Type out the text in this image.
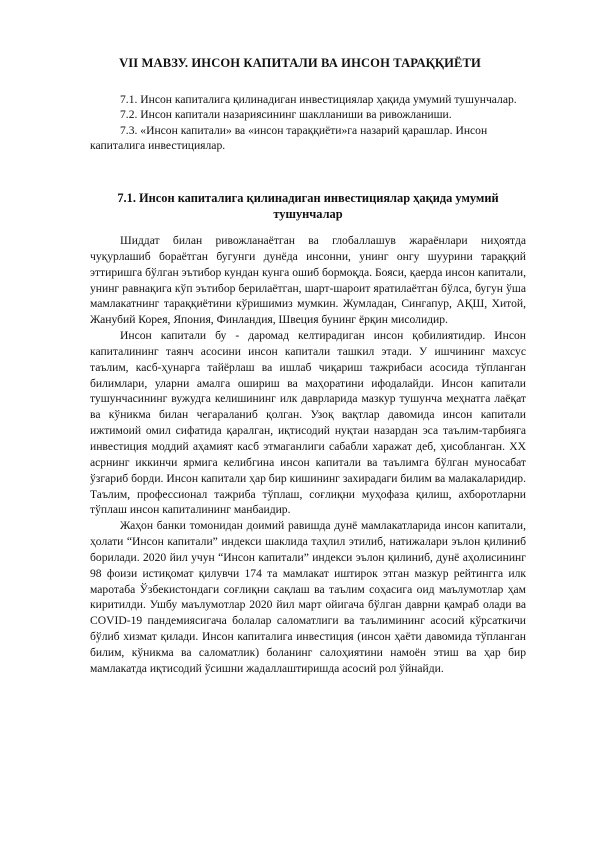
VII МАВЗУ. ИНСОН КАПИТАЛИ ВА ИНСОН ТАРАҚҚИЁТИ

7.1. Инсон капиталига қилинадиган инвестициялар ҳақида умумий тушунчалар.

7.2. Инсон капитали назариясининг шаклланиши ва ривожланиши.

7.3. «Инсон капитали» ва «инсон тараққиёти»га назарий қарашлар. Инсон капиталига инвестициялар.

7.1. Инсон капиталига қилинадиган инвестициялар ҳақида умумий тушунчалар

Шиддат билан ривожланаётган ва глобаллашув жараёнлари ниҳоятда чуқурлашиб бораётган бугунги дунёда инсонни, унинг онгу шуурини тараққий эттиришга бўлган эътибор кундан кунга ошиб бормоқда. Бояси, қаерда инсон капитали, унинг равнақига кўп эътибор берилаётган, шарт-шароит яратилаётган бўлса, бугун ўша мамлакатнинг тараққиётини кўришимиз мумкин. Жумладан, Сингапур, АҚШ, Хитой, Жанубий Корея, Япония, Финландия, Швеция бунинг ёрқин мисолидир.

Инсон капитали бу - даромад келтирадиган инсон қобилиятидир. Инсон капиталининг таянч асосини инсон капитали ташкил этади. У ишчининг махсус таълим, касб-ҳунарга тайёрлаш ва ишлаб чиқариш тажрибаси асосида тўпланган билимлари, уларни амалга ошириш ва маҳоратини ифодалайди. Инсон капитали тушунчасининг вужудга келишининг илк даврларида мазкур тушунча меҳнатга лаёқат ва кўникма билан чегараланиб қолган. Узоқ вақтлар давомида инсон капитали ижтимоий омил сифатида қаралган, иқтисодий нуқтаи назардан эса таълим-тарбияга инвестиция моддий аҳамият касб этмаганлиги сабабли харажат деб, ҳисобланган. XX асрнинг иккинчи ярмига келибгина инсон капитали ва таълимга бўлган муносабат ўзгариб борди. Инсон капитали ҳар бир кишининг захирадаги билим ва малакаларидир. Таълим, профессионал тажриба тўплаш, соғлиқни муҳофаза қилиш, ахборотларни тўплаш инсон капиталининг манбаидир.

Жаҳон банки томонидан доимий равишда дунё мамлакатларида инсон капитали, ҳолати “Инсон капитали” индекси шаклида таҳлил этилиб, натижалари эълон қилиниб борилади. 2020 йил учун “Инсон капитали” индекси эълон қилиниб, дунё аҳолисининг 98 фоизи истиқомат қилувчи 174 та мамлакат иштирок этган мазкур рейтингга илк маротаба Ўзбекистондаги соғлиқни сақлаш ва таълим соҳасига оид маълумотлар ҳам киритилди. Ушбу маълумотлар 2020 йил март ойигача бўлган даврни қамраб олади ва COVID-19 пандемиясигача болалар саломатлиги ва таълимининг асосий кўрсаткичи бўлиб хизмат қилади. Инсон капиталига инвестиция (инсон ҳаёти давомида тўпланган билим, кўникма ва саломатлик) боланинг салоҳиятини намоён этиш ва ҳар бир мамлакатда иқтисодий ўсишни жадаллаштиришда асосий рол ўйнайди.
